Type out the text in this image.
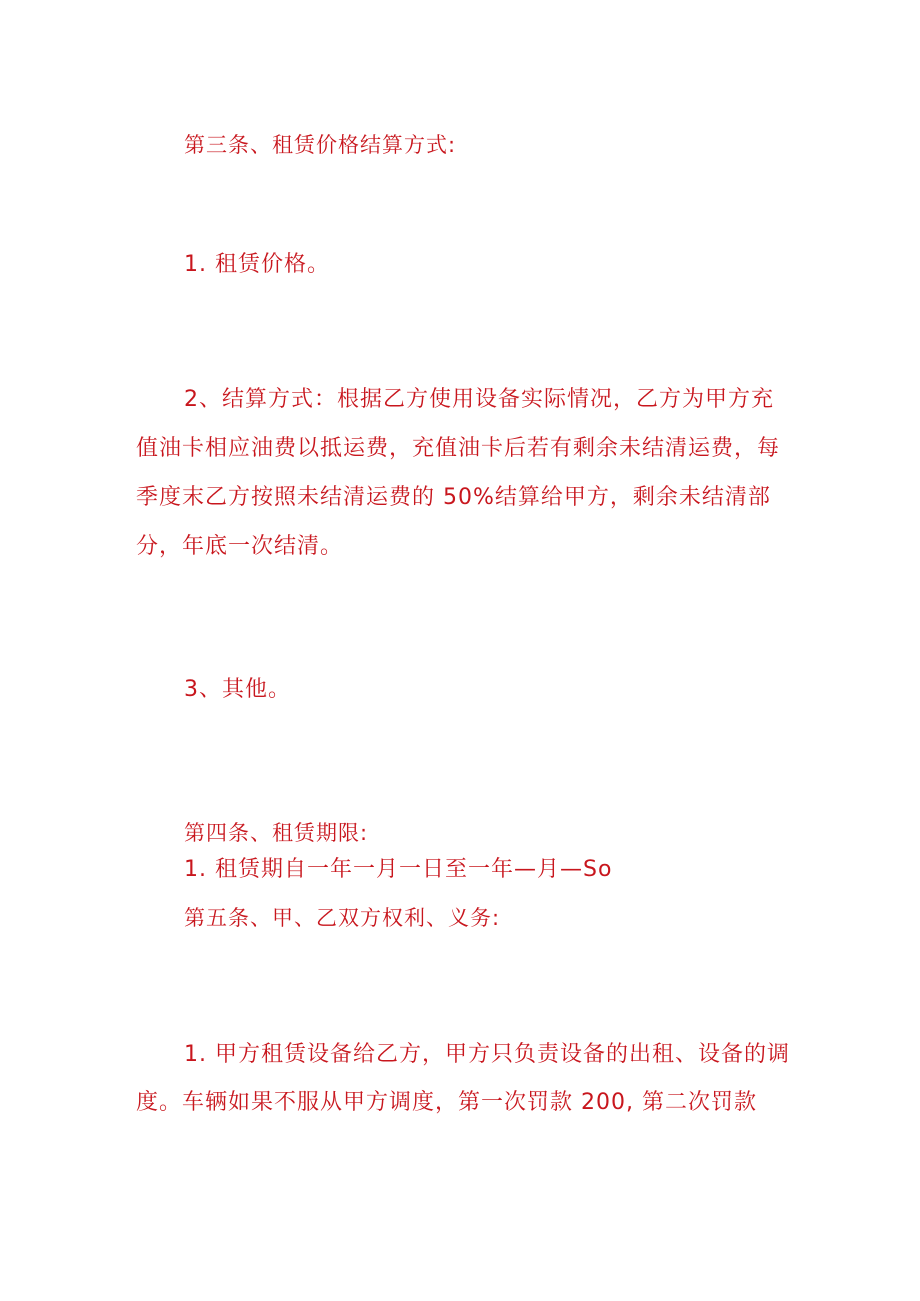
第三条、租赁价格结算方式:
1. 租赁价格。
2、结算方式：根据乙方使用设备实际情况，乙方为甲方充
值油卡相应油费以抵运费，充值油卡后若有剩余未结清运费，每
季度末乙方按照未结清运费的 50%结算给甲方，剩余未结清部
分，年底一次结清。
3、其他。
第四条、租赁期限:
1. 租赁期自一年一月一日至一年—月—So
第五条、甲、乙双方权利、义务:
1. 甲方租赁设备给乙方，甲方只负责设备的出租、设备的调
度。车辆如果不服从甲方调度，第一次罚款 200, 第二次罚款
